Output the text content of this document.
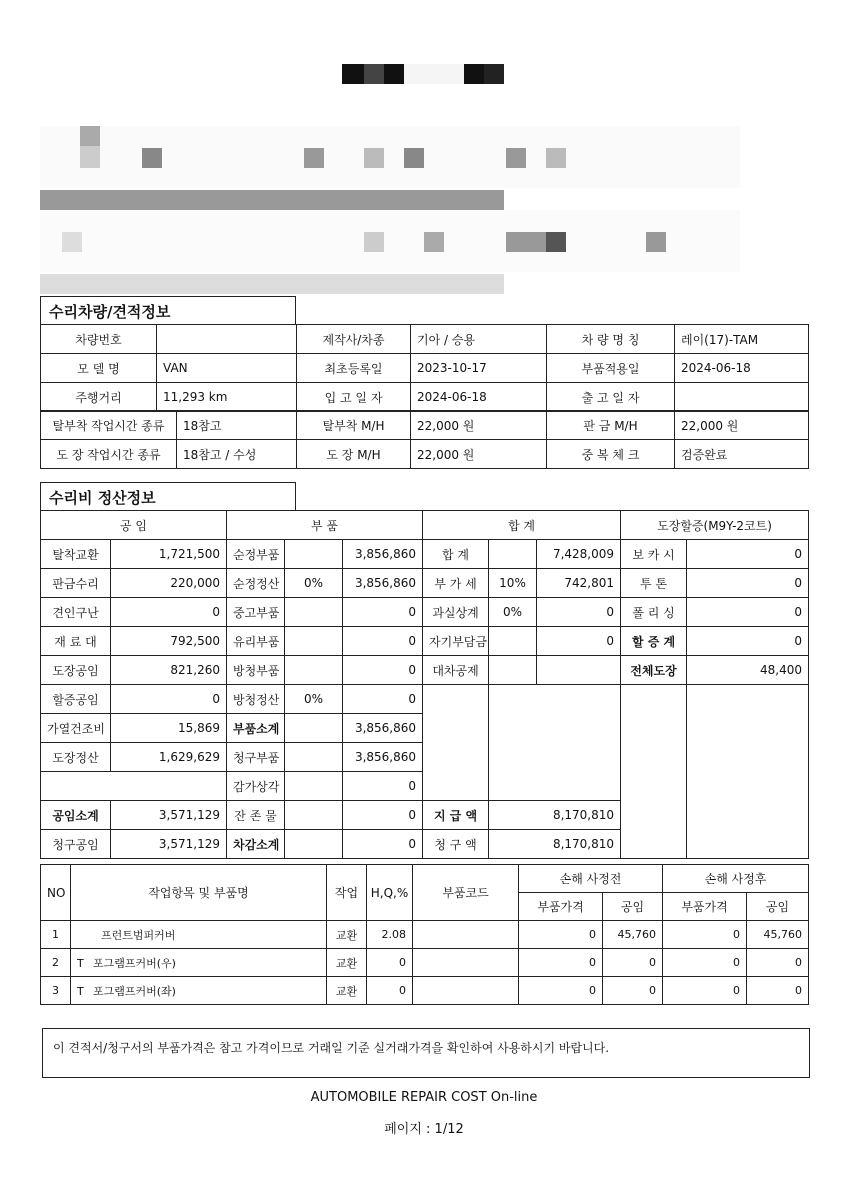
수리차량/견적정보
차량번호		제작사/차종	기아 / 승용	차 량 명 칭	레이(17)-TAM
모 델 명	VAN	최초등록일	2023-10-17	부품적용일	2024-06-18
주행거리	11,293 km	입 고 일 자	2024-06-18	출 고 일 자	
탈부착 작업시간 종류	18참고	탈부착 M/H	22,000 원	판 금 M/H	22,000 원
도 장 작업시간 종류	18참고 / 수성	도 장 M/H	22,000 원	중 복 체 크	검증완료
수리비 정산정보
공 임		부 품			합 계			도장할증(M9Y-2코트)	
탈착교환	1,721,500	순정부품		3,856,860	합 계		7,428,009	보 카 시	0
판금수리	220,000	순정정산	0%	3,856,860	부 가 세	10%	742,801	투 톤	0
견인구난	0	중고부품		0	과실상계	0%	0	폴 리 싱	0
재 료 대	792,500	유리부품		0	자기부담금		0	할 증 계	0
도장공임	821,260	방청부품		0	대차공제			전체도장	48,400
할증공임	0	방청정산	0%	0					
가열건조비	15,869	부품소계		3,856,860					
도장정산	1,629,629	청구부품		3,856,860					
		감가상각		0					
공임소계	3,571,129	잔 존 물		0	지 급 액	8,170,810			
청구공임	3,571,129	차감소계		0	청 구 액	8,170,810			
NO	작업항목 및 부품명	작업	H,Q,%	부품코드	손해 사정전		손해 사정후	
					부품가격	공임	부품가격	공임
1	프런트범퍼커버	교환	2.08		0	45,760	0	45,760
2	T 포그램프커버(우)	교환	0		0	0	0	0
3	T 포그램프커버(좌)	교환	0		0	0	0	0
이 견적서/청구서의 부품가격은 참고 가격이므로 거래일 기준 실거래가격을 확인하여 사용하시기 바랍니다.
AUTOMOBILE REPAIR COST On-line
페이지 : 1/12
